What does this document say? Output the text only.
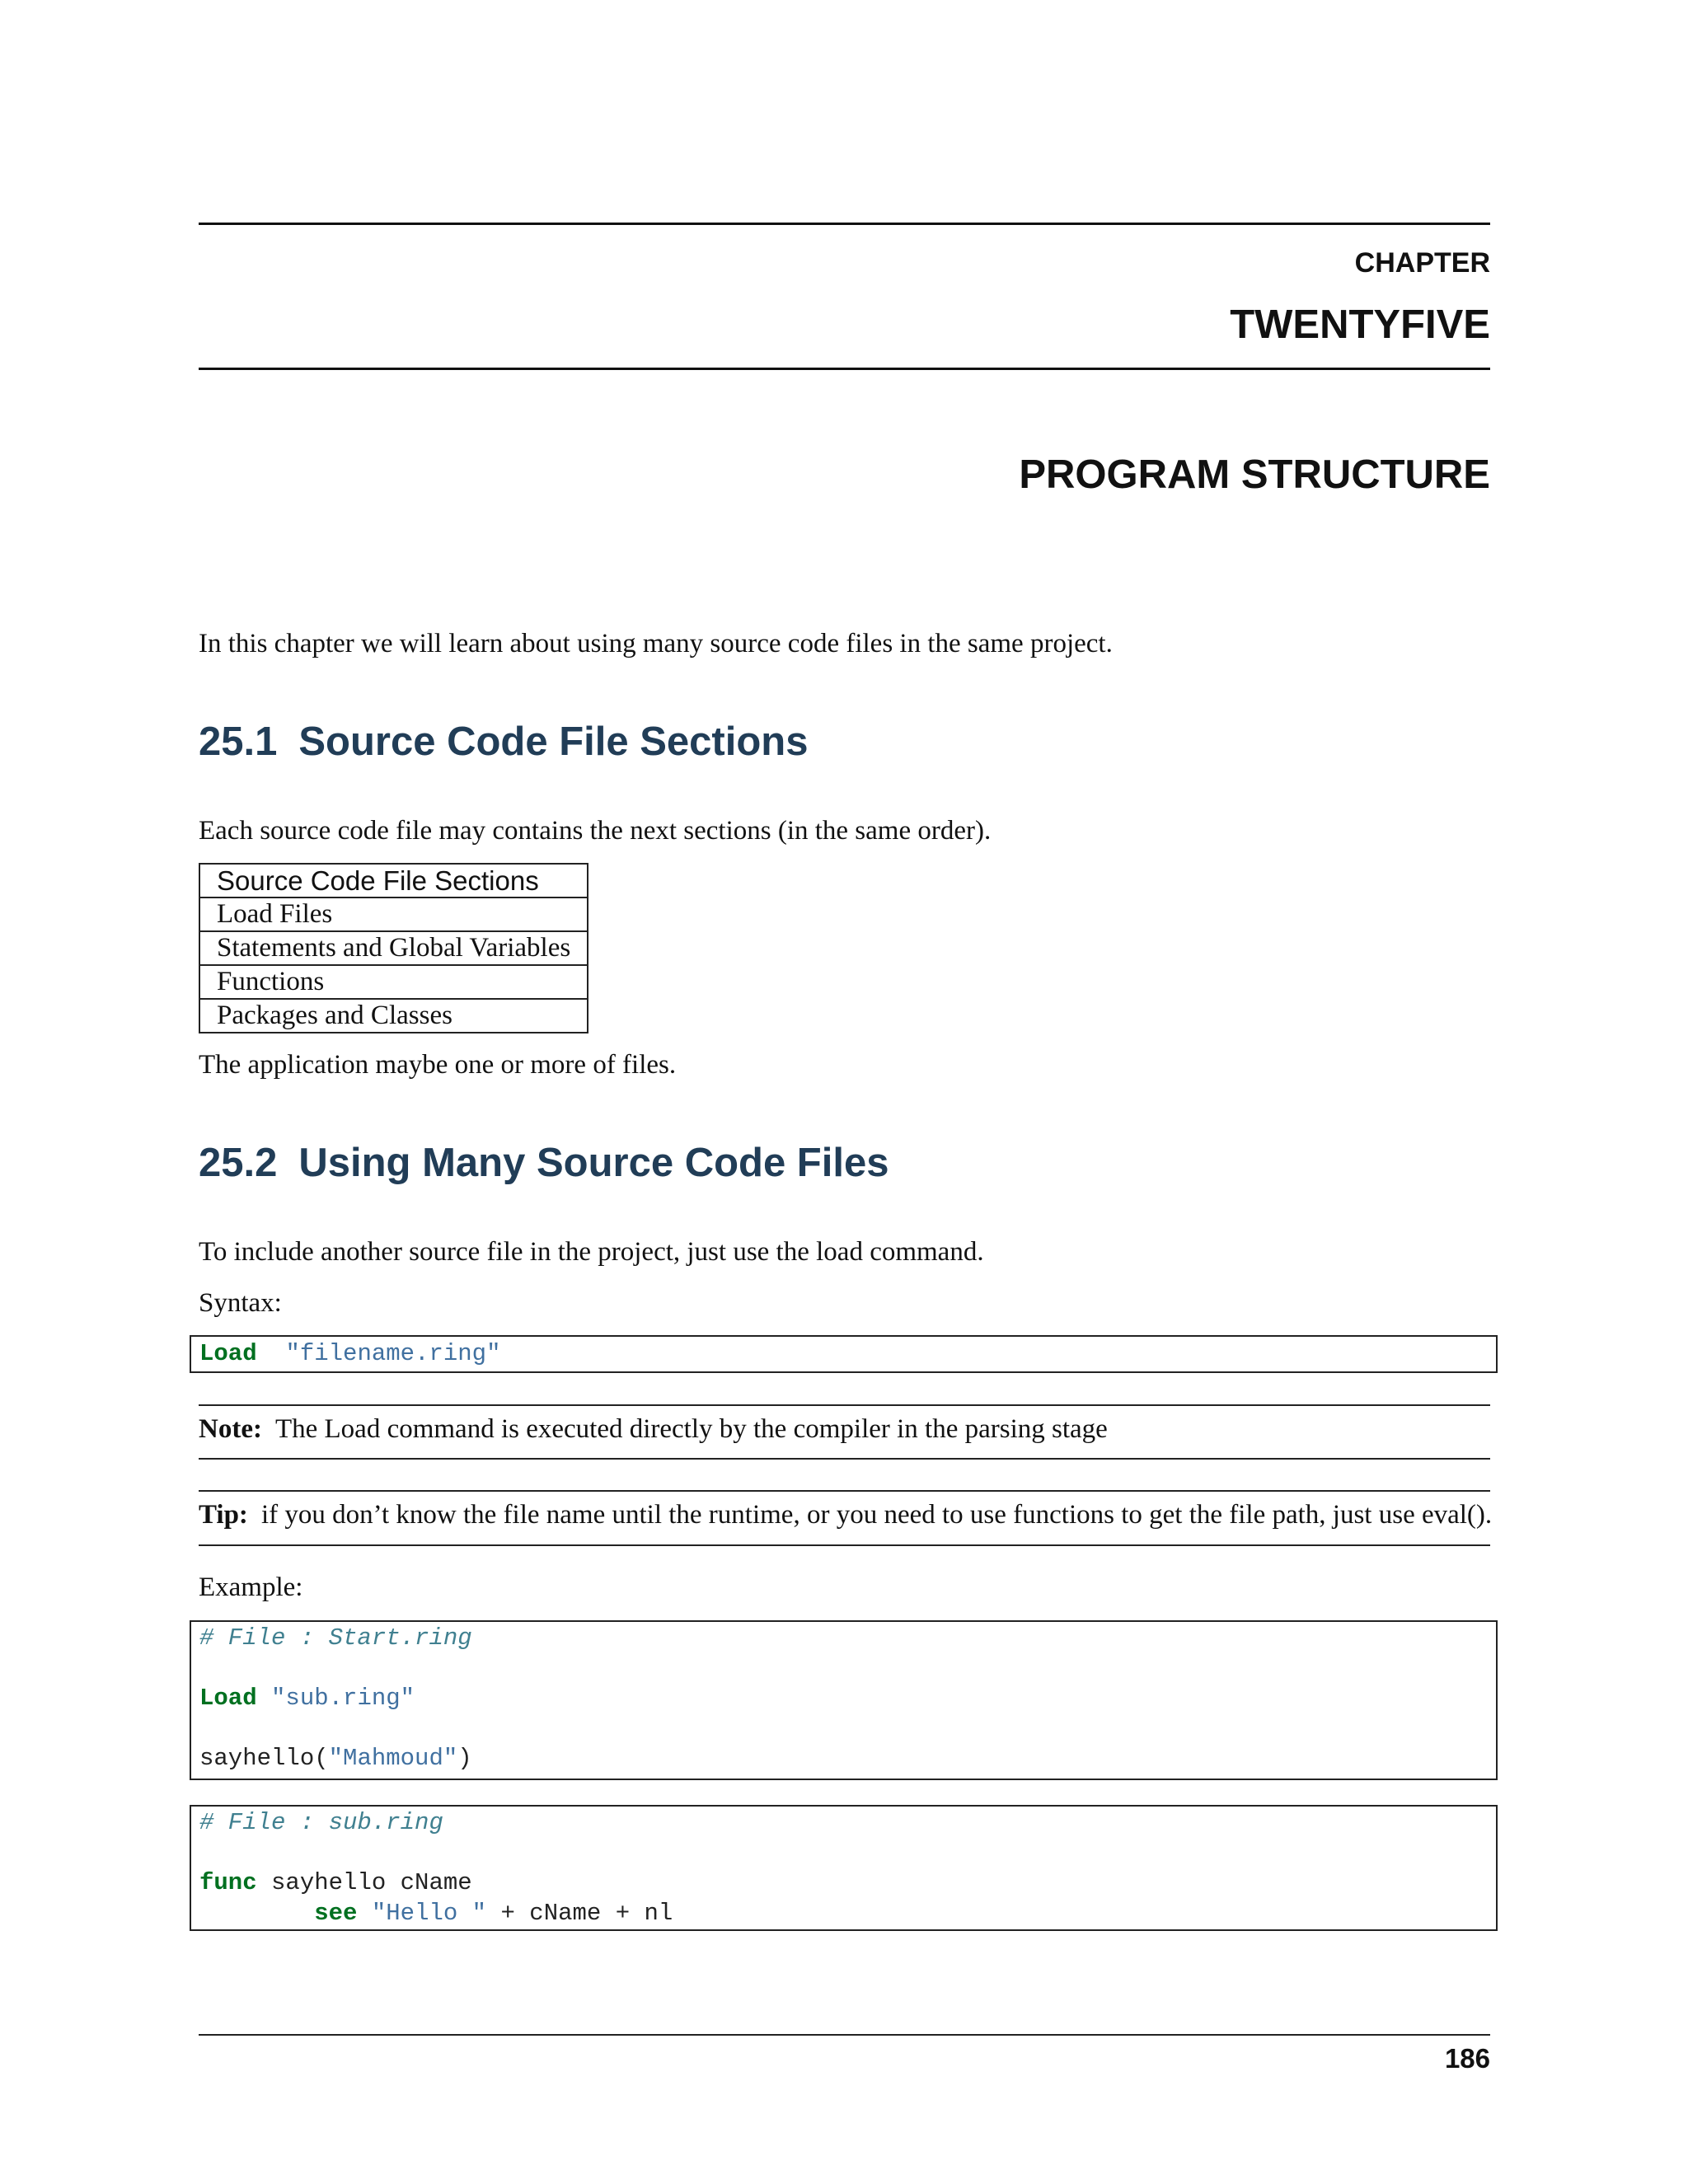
CHAPTER
TWENTYFIVE
PROGRAM STRUCTURE
In this chapter we will learn about using many source code files in the same project.
25.1 Source Code File Sections
Each source code file may contains the next sections (in the same order).
Source Code File Sections
Load Files
Statements and Global Variables
Functions
Packages and Classes
The application maybe one or more of files.
25.2 Using Many Source Code Files
To include another source file in the project, just use the load command.
Syntax:
Load "filename.ring"
Note: The Load command is executed directly by the compiler in the parsing stage
Tip: if you don’t know the file name until the runtime, or you need to use functions to get the file path, just use eval().
Example:
# File : Start.ring

Load "sub.ring"

sayhello("Mahmoud")
# File : sub.ring

func sayhello cName
see "Hello " + cName + nl
186
